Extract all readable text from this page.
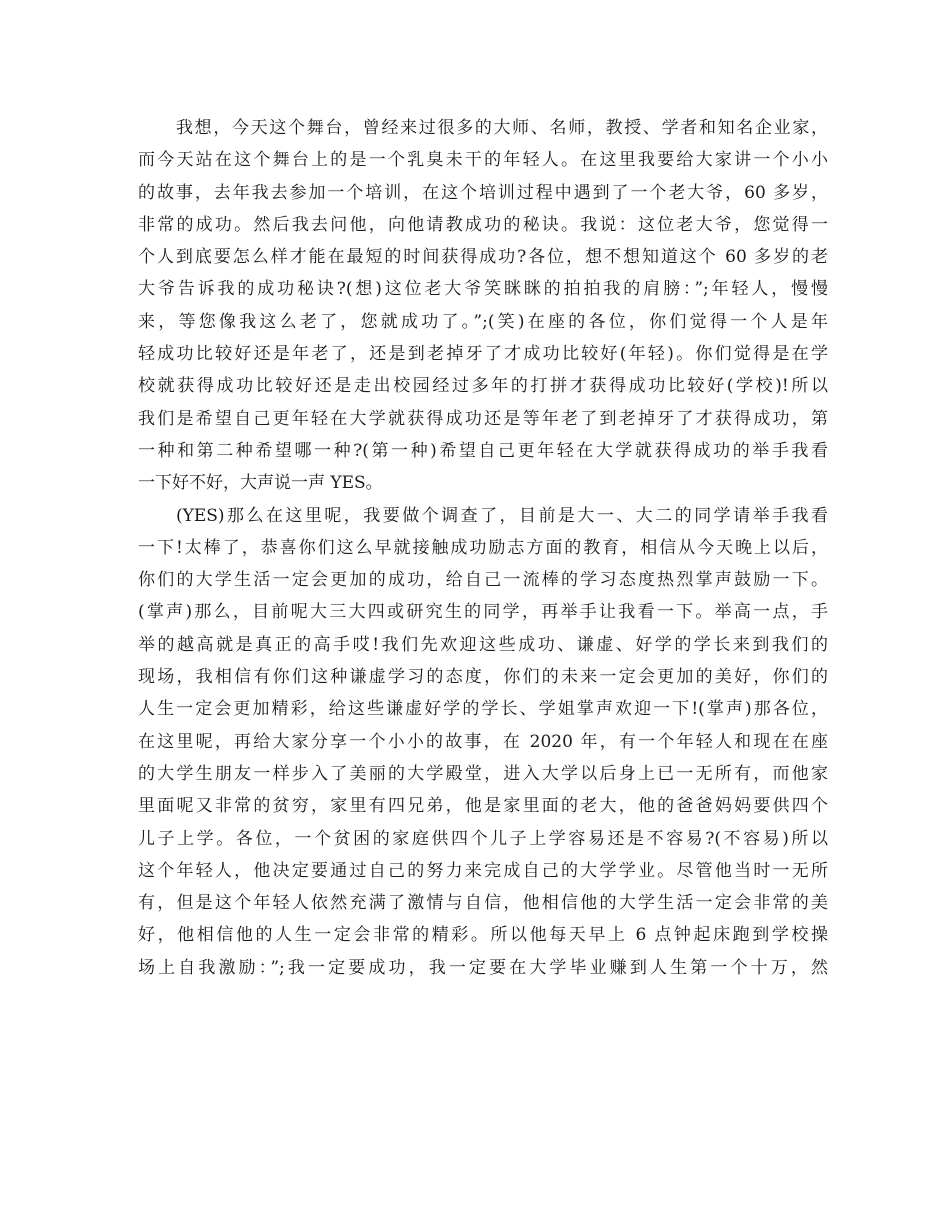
我想，今天这个舞台，曾经来过很多的大师、名师，教授、学者和知名企业家，
而今天站在这个舞台上的是一个乳臭未干的年轻人。在这里我要给大家讲一个小小
的故事，去年我去参加一个培训，在这个培训过程中遇到了一个老大爷，60 多岁，
非常的成功。然后我去问他，向他请教成功的秘诀。我说：这位老大爷，您觉得一
个人到底要怎么样才能在最短的时间获得成功?各位，想不想知道这个 60 多岁的老
大爷告诉我的成功秘诀?(想)这位老大爷笑眯眯的拍拍我的肩膀：”;年轻人，慢慢
来，等您像我这么老了，您就成功了。”;(笑)在座的各位，你们觉得一个人是年
轻成功比较好还是年老了，还是到老掉牙了才成功比较好(年轻)。你们觉得是在学
校就获得成功比较好还是走出校园经过多年的打拼才获得成功比较好(学校)!所以
我们是希望自己更年轻在大学就获得成功还是等年老了到老掉牙了才获得成功，第
一种和第二种希望哪一种?(第一种)希望自己更年轻在大学就获得成功的举手我看
一下好不好，大声说一声 YES。
(YES)那么在这里呢，我要做个调查了，目前是大一、大二的同学请举手我看
一下!太棒了，恭喜你们这么早就接触成功励志方面的教育，相信从今天晚上以后，
你们的大学生活一定会更加的成功，给自己一流棒的学习态度热烈掌声鼓励一下。
(掌声)那么，目前呢大三大四或研究生的同学，再举手让我看一下。举高一点，手
举的越高就是真正的高手哎!我们先欢迎这些成功、谦虚、好学的学长来到我们的
现场，我相信有你们这种谦虚学习的态度，你们的未来一定会更加的美好，你们的
人生一定会更加精彩，给这些谦虚好学的学长、学姐掌声欢迎一下!(掌声)那各位，
在这里呢，再给大家分享一个小小的故事，在 2020 年，有一个年轻人和现在在座
的大学生朋友一样步入了美丽的大学殿堂，进入大学以后身上已一无所有，而他家
里面呢又非常的贫穷，家里有四兄弟，他是家里面的老大，他的爸爸妈妈要供四个
儿子上学。各位，一个贫困的家庭供四个儿子上学容易还是不容易?(不容易)所以
这个年轻人，他决定要通过自己的努力来完成自己的大学学业。尽管他当时一无所
有，但是这个年轻人依然充满了激情与自信，他相信他的大学生活一定会非常的美
好，他相信他的人生一定会非常的精彩。所以他每天早上 6 点钟起床跑到学校操
场上自我激励：”;我一定要成功，我一定要在大学毕业赚到人生第一个十万，然
